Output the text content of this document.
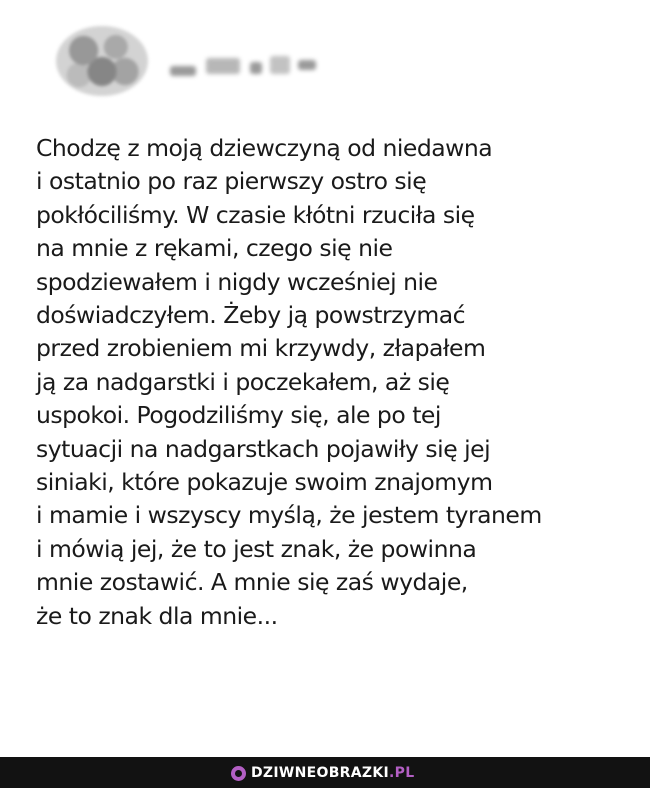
Chodzę z moją dziewczyną od niedawna
i ostatnio po raz pierwszy ostro się
pokłóciliśmy. W czasie kłótni rzuciła się
na mnie z rękami, czego się nie
spodziewałem i nigdy wcześniej nie
doświadczyłem. Żeby ją powstrzymać
przed zrobieniem mi krzywdy, złapałem
ją za nadgarstki i poczekałem, aż się
uspokoi. Pogodziliśmy się, ale po tej
sytuacji na nadgarstkach pojawiły się jej
siniaki, które pokazuje swoim znajomym
i mamie i wszyscy myślą, że jestem tyranem
i mówią jej, że to jest znak, że powinna
mnie zostawić. A mnie się zaś wydaje,
że to znak dla mnie...

DZIWNEOBRAZKI.PL
